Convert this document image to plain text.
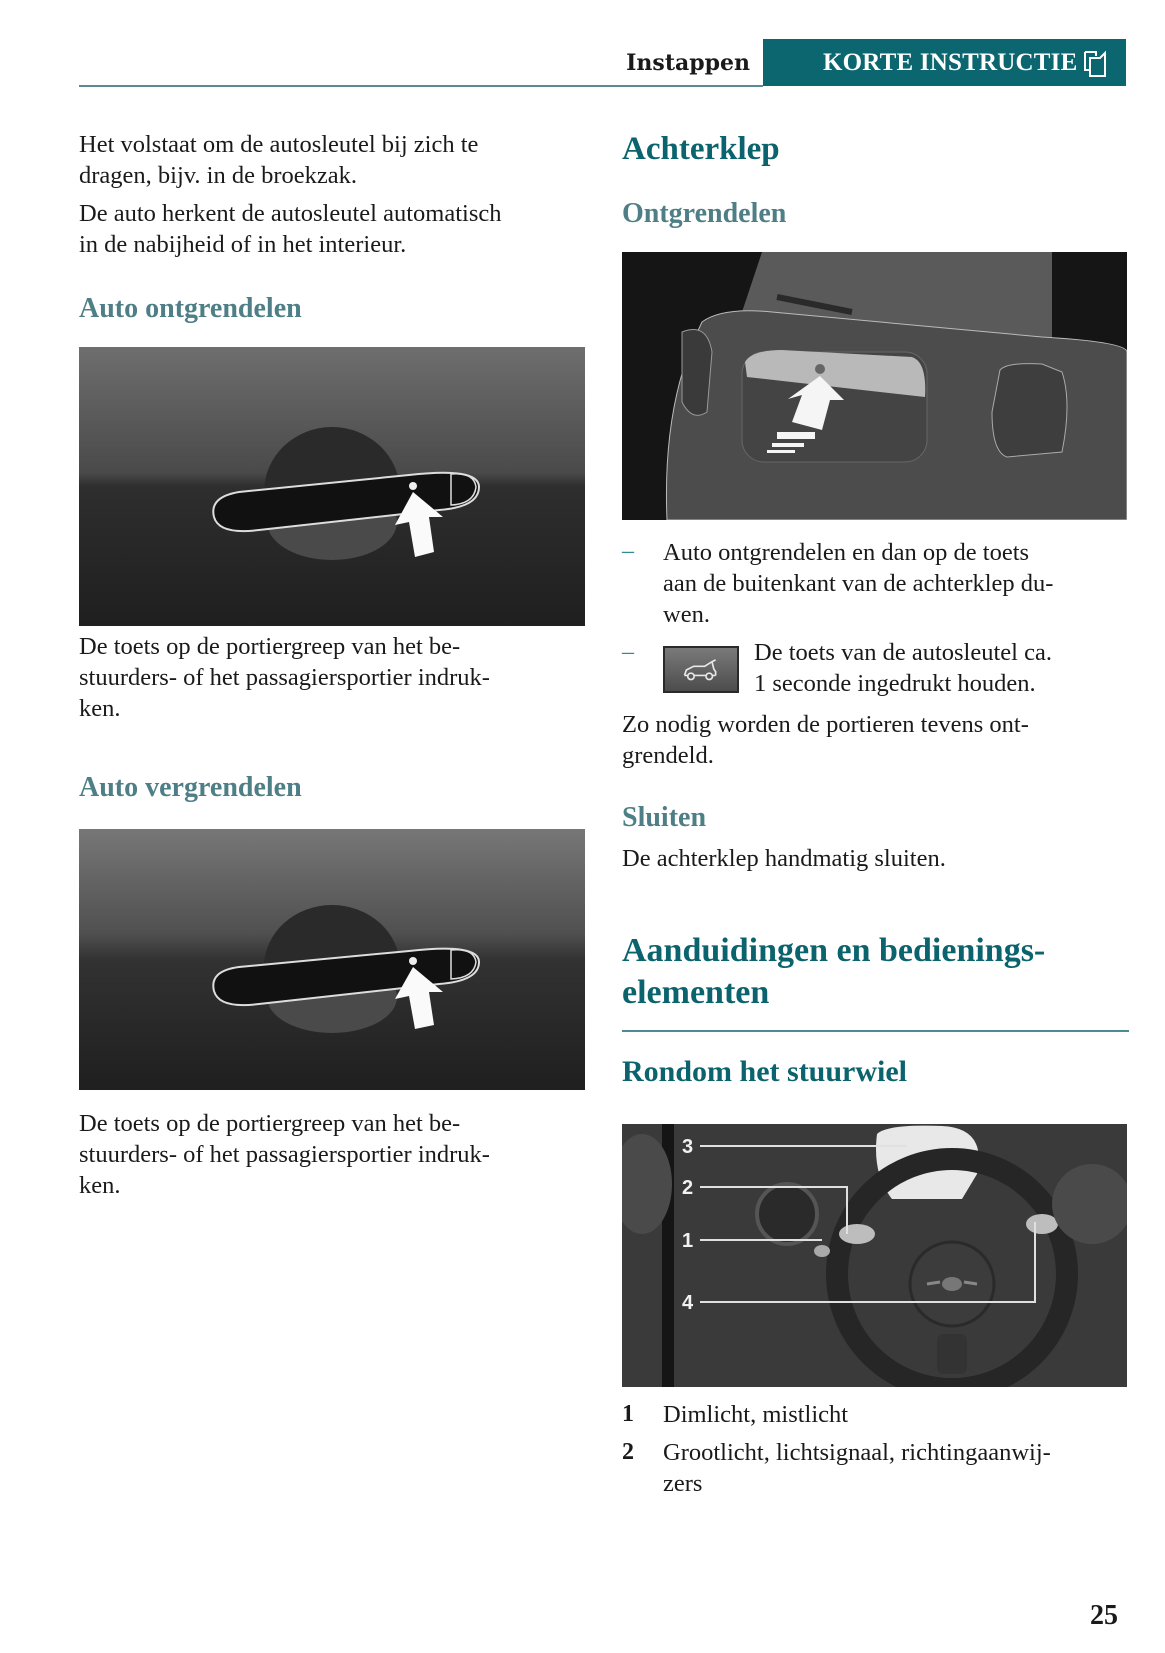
Instappen	KORTE INSTRUCTIE

Het volstaat om de autosleutel bij zich te

dragen, bijv. in de broekzak.

De auto herkent de autosleutel automatisch

in de nabijheid of in het interieur.

Auto ontgrendelen

De toets op de portiergreep van het be-

stuurders- of het passagiersportier indruk-

ken.

Auto vergrendelen

De toets op de portiergreep van het be-

stuurders- of het passagiersportier indruk-

ken.

Achterklep
Ontgrendelen
– Auto ontgrendelen en dan op de toets
aan de buitenkant van de achterklep du-
wen.
–	De toets van de autosleutel ca.
1 seconde ingedrukt houden.

Zo nodig worden de portieren tevens ont-

grendeld.

Sluiten

De achterklep handmatig sluiten.

Aanduidingen en bedienings-
elementen
Rondom het stuurwiel
3
2
1
4
1 Dimlicht, mistlicht
2 Grootlicht, lichtsignaal, richtingaanwij-
zers
25
